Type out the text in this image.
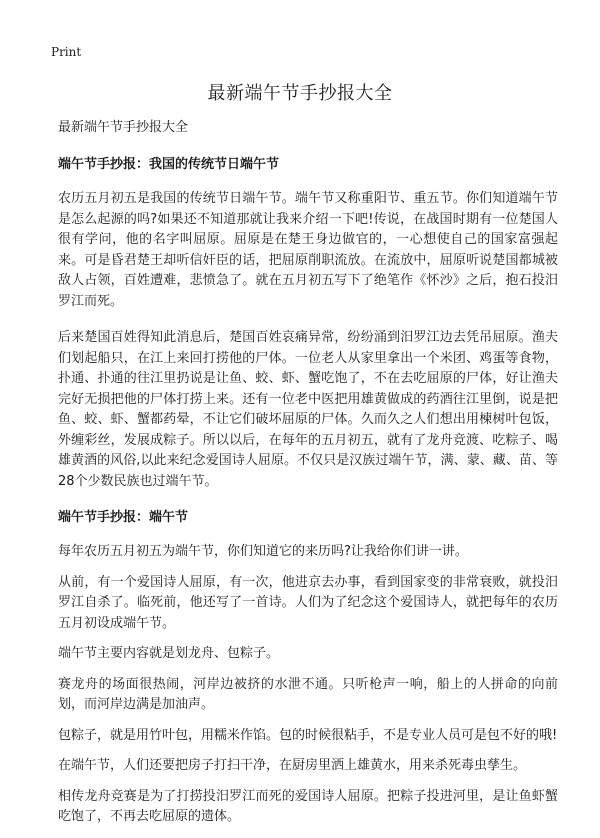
Print
最新端午节手抄报大全

最新端午节手抄报大全

端午节手抄报：我国的传统节日端午节

农历五月初五是我国的传统节日端午节。端午节又称重阳节、重五节。你们知道端午节是怎么起源的吗?如果还不知道那就让我来介绍一下吧!传说，在战国时期有一位楚国人很有学问，他的名字叫屈原。屈原是在楚王身边做官的，一心想使自己的国家富强起来。可是昏君楚王却听信奸臣的话，把屈原削职流放。在流放中，屈原听说楚国都城被敌人占领，百姓遭难，悲愤急了。就在五月初五写下了绝笔作《怀沙》之后，抱石投汨罗江而死。

后来楚国百姓得知此消息后，楚国百姓哀痛异常，纷纷涌到汨罗江边去凭吊屈原。渔夫们划起船只，在江上来回打捞他的尸体。一位老人从家里拿出一个米团、鸡蛋等食物，扑通、扑通的往江里扔说是让鱼、蛟、虾、蟹吃饱了，不在去吃屈原的尸体，好让渔夫完好无损把他的尸体打捞上来。还有一位老中医把用雄黄做成的药酒往江里倒，说是把鱼、蛟、虾、蟹都药晕，不让它们破坏屈原的尸体。久而久之人们想出用楝树叶包饭，外缠彩丝，发展成粽子。所以以后，在每年的五月初五，就有了龙舟竞渡、吃粽子、喝雄黄酒的风俗,以此来纪念爱国诗人屈原。不仅只是汉族过端午节，满、蒙、藏、苗、等28个少数民族也过端午节。

端午节手抄报：端午节

每年农历五月初五为端午节，你们知道它的来历吗?让我给你们讲一讲。

从前，有一个爱国诗人屈原，有一次，他进京去办事，看到国家变的非常衰败，就投汨罗江自杀了。临死前，他还写了一首诗。人们为了纪念这个爱国诗人，就把每年的农历五月初设成端午节。

端午节主要内容就是划龙舟、包粽子。

赛龙舟的场面很热闹，河岸边被挤的水泄不通。只听枪声一响，船上的人拼命的向前划，而河岸边满是加油声。

包粽子，就是用竹叶包，用糯米作馅。包的时候很粘手，不是专业人员可是包不好的哦!

在端午节，人们还要把房子打扫干净，在厨房里洒上雄黄水，用来杀死毒虫孳生。

相传龙舟竞赛是为了打捞投汨罗江而死的爱国诗人屈原。把粽子投进河里，是让鱼虾蟹吃饱了，不再去吃屈原的遗体。
